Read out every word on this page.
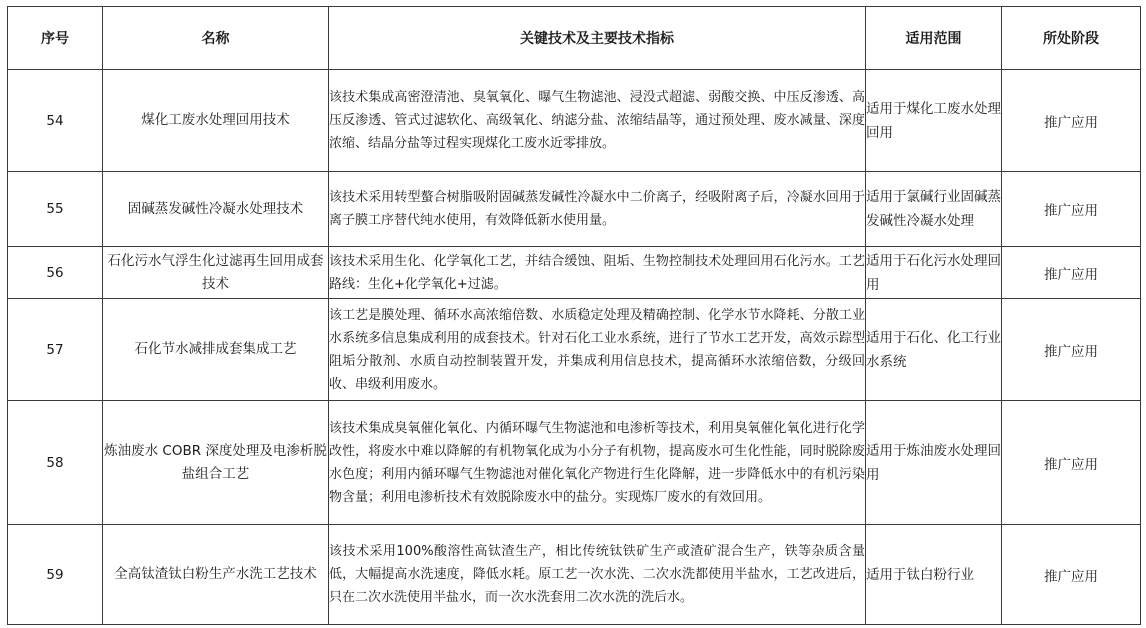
序号	名称	关键技术及主要技术指标	适用范围	所处阶段
54	煤化工废水处理回用技术	该技术集成高密澄清池、臭氧氧化、曝气生物滤池、浸没式超滤、弱酸交换、中压反渗透、高压反渗透、管式过滤软化、高级氧化、纳滤分盐、浓缩结晶等，通过预处理、废水减量、深度浓缩、结晶分盐等过程实现煤化工废水近零排放。	适用于煤化工废水处理回用	推广应用
55	固碱蒸发碱性冷凝水处理技术	该技术采用转型螯合树脂吸附固碱蒸发碱性冷凝水中二价离子，经吸附离子后，冷凝水回用于离子膜工序替代纯水使用，有效降低新水使用量。	适用于氯碱行业固碱蒸发碱性冷凝水处理	推广应用
56	石化污水气浮生化过滤再生回用成套技术	该技术采用生化、化学氧化工艺，并结合缓蚀、阻垢、生物控制技术处理回用石化污水。工艺路线：生化+化学氧化+过滤。	适用于石化污水处理回用	推广应用
57	石化节水减排成套集成工艺	该工艺是膜处理、循环水高浓缩倍数、水质稳定处理及精确控制、化学水节水降耗、分散工业水系统多信息集成利用的成套技术。针对石化工业水系统，进行了节水工艺开发，高效示踪型阻垢分散剂、水质自动控制装置开发，并集成利用信息技术，提高循环水浓缩倍数，分级回收、串级利用废水。	适用于石化、化工行业水系统	推广应用
58	炼油废水 COBR 深度处理及电渗析脱盐组合工艺	该技术集成臭氧催化氧化、内循环曝气生物滤池和电渗析等技术，利用臭氧催化氧化进行化学改性，将废水中难以降解的有机物氧化成为小分子有机物，提高废水可生化性能，同时脱除废水色度；利用内循环曝气生物滤池对催化氧化产物进行生化降解，进一步降低水中的有机污染物含量；利用电渗析技术有效脱除废水中的盐分。实现炼厂废水的有效回用。	适用于炼油废水处理回用	推广应用
59	全高钛渣钛白粉生产水洗工艺技术	该技术采用100%酸溶性高钛渣生产，相比传统钛铁矿生产或渣矿混合生产，铁等杂质含量低，大幅提高水洗速度，降低水耗。原工艺一次水洗、二次水洗都使用半盐水，工艺改进后，只在二次水洗使用半盐水，而一次水洗套用二次水洗的洗后水。	适用于钛白粉行业	推广应用
